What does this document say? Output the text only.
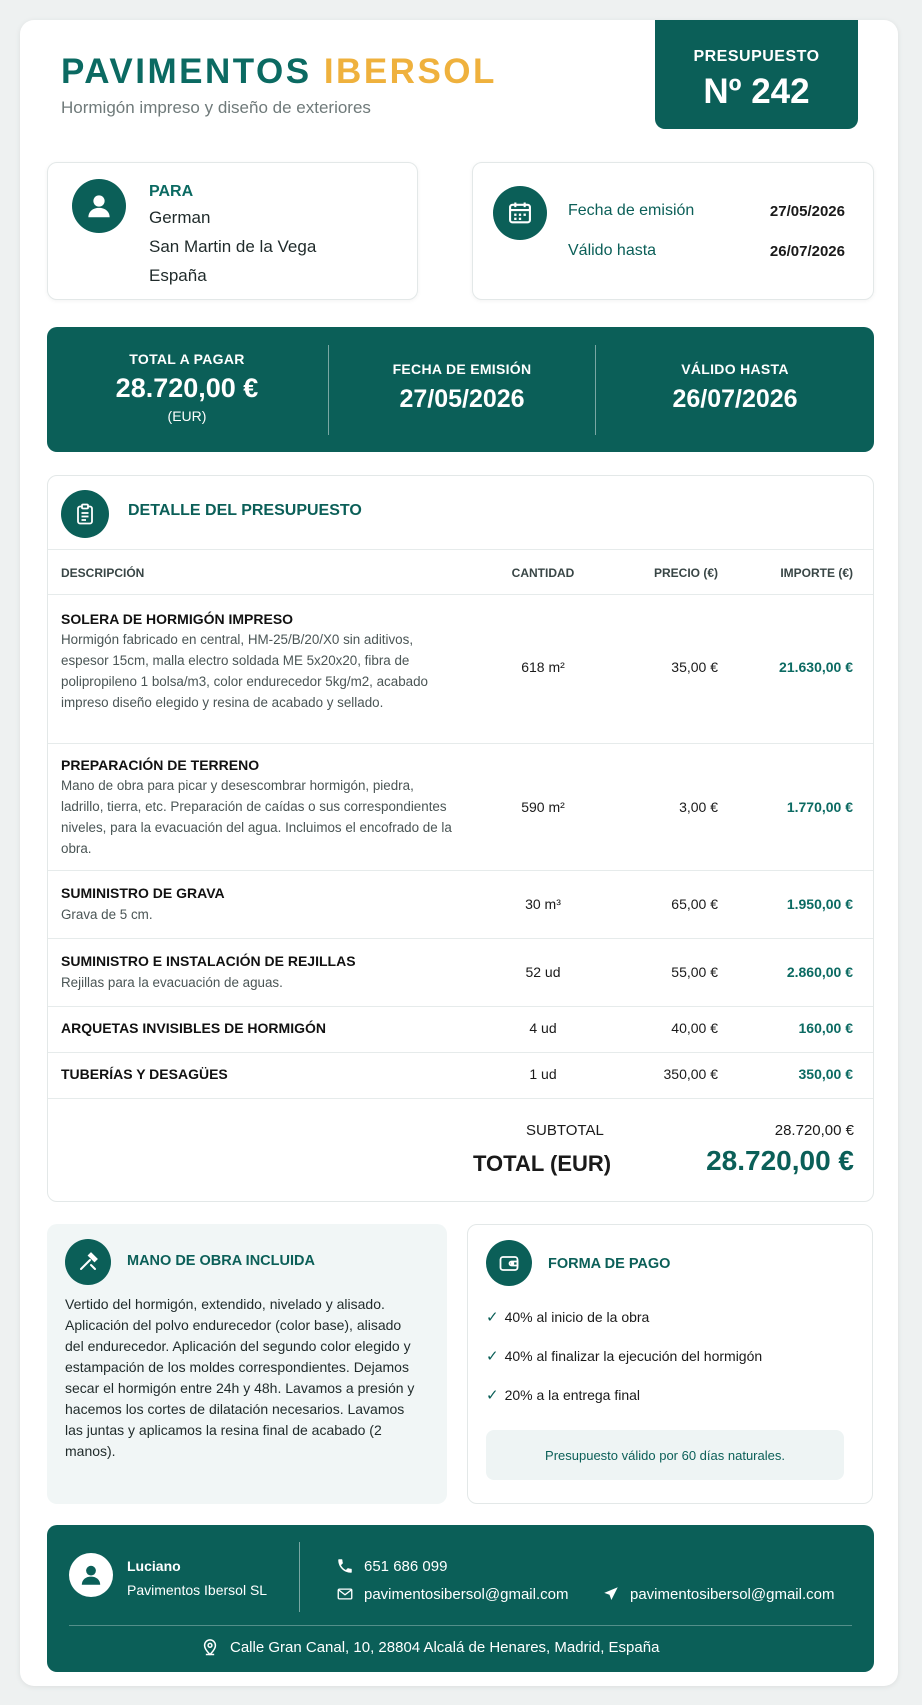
PAVIMENTOS IBERSOL
Hormigón impreso y diseño de exteriores
PRESUPUESTO
Nº 242
PARA
German
San Martin de la Vega
España
Fecha de emisión	27/05/2026
Válido hasta	26/07/2026
TOTAL A PAGAR
28.720,00 €
(EUR)
FECHA DE EMISIÓN
27/05/2026
VÁLIDO HASTA
26/07/2026
DETALLE DEL PRESUPUESTO
DESCRIPCIÓN	CANTIDAD	PRECIO (€)	IMPORTE (€)
SOLERA DE HORMIGÓN IMPRESO
Hormigón fabricado en central, HM-25/B/20/X0 sin aditivos, espesor 15cm, malla electro soldada ME 5x20x20, fibra de polipropileno 1 bolsa/m3, color endurecedor 5kg/m2, acabado impreso diseño elegido y resina de acabado y sellado.
618 m²	35,00 €	21.630,00 €
PREPARACIÓN DE TERRENO
Mano de obra para picar y desescombrar hormigón, piedra, ladrillo, tierra, etc. Preparación de caídas o sus correspondientes niveles, para la evacuación del agua. Incluimos el encofrado de la obra.
590 m²	3,00 €	1.770,00 €
SUMINISTRO DE GRAVA
Grava de 5 cm.
30 m³	65,00 €	1.950,00 €
SUMINISTRO E INSTALACIÓN DE REJILLAS
Rejillas para la evacuación de aguas.
52 ud	55,00 €	2.860,00 €
ARQUETAS INVISIBLES DE HORMIGÓN	4 ud	40,00 €	160,00 €
TUBERÍAS Y DESAGÜES	1 ud	350,00 €	350,00 €
SUBTOTAL	28.720,00 €
TOTAL (EUR)	28.720,00 €
MANO DE OBRA INCLUIDA
Vertido del hormigón, extendido, nivelado y alisado. Aplicación del polvo endurecedor (color base), alisado del endurecedor. Aplicación del segundo color elegido y estampación de los moldes correspondientes. Dejamos secar el hormigón entre 24h y 48h. Lavamos a presión y hacemos los cortes de dilatación necesarios. Lavamos las juntas y aplicamos la resina final de acabado (2 manos).
FORMA DE PAGO
✓ 40% al inicio de la obra
✓ 40% al finalizar la ejecución del hormigón
✓ 20% a la entrega final
Presupuesto válido por 60 días naturales.
Luciano
Pavimentos Ibersol SL
651 686 099
pavimentosibersol@gmail.com	pavimentosibersol@gmail.com
Calle Gran Canal, 10, 28804 Alcalá de Henares, Madrid, España
